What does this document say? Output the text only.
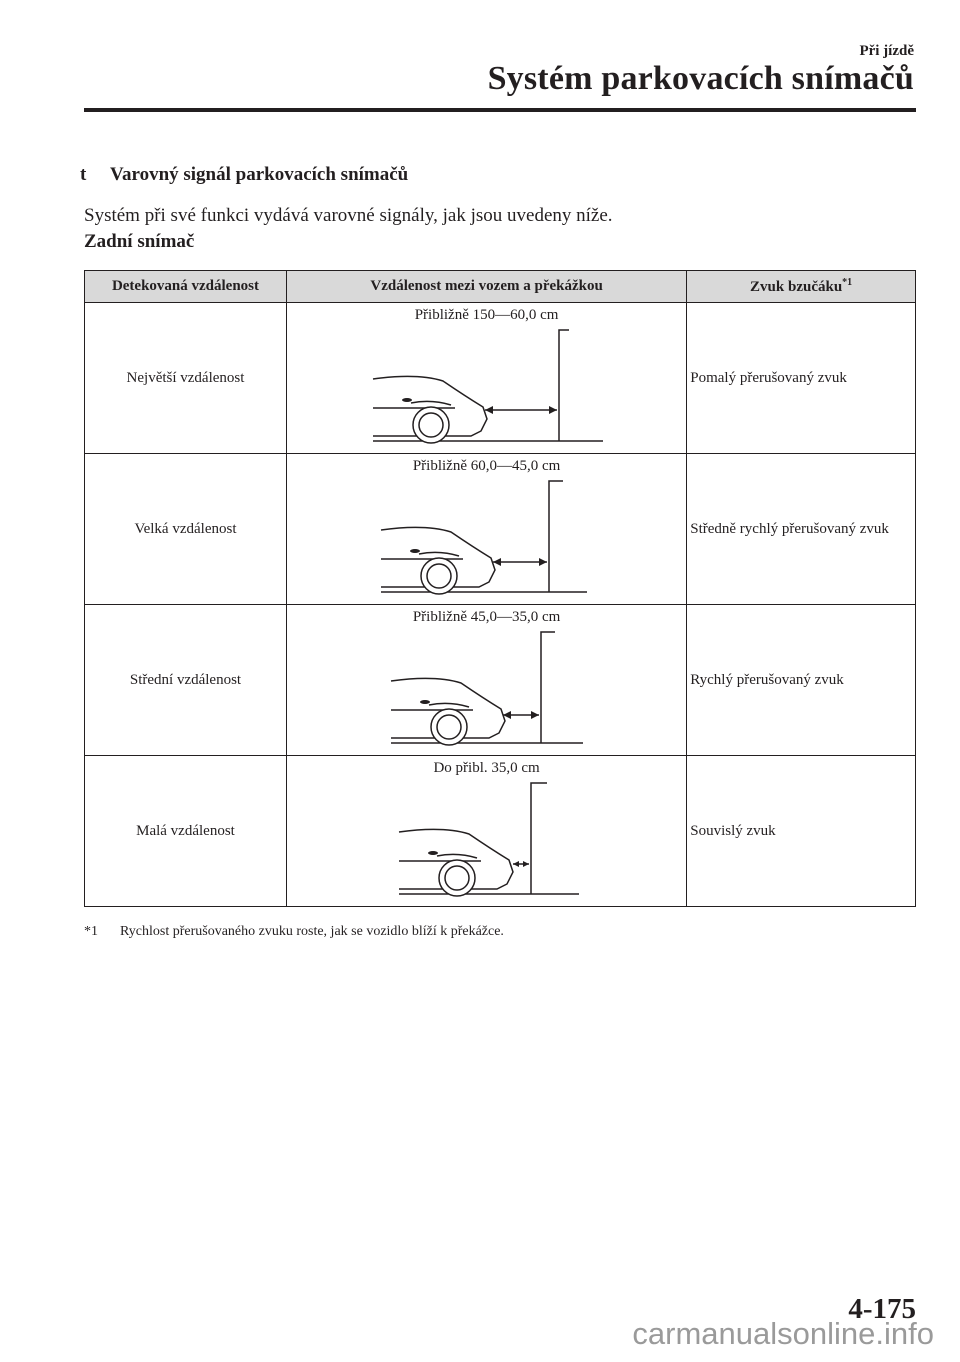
Při jízdě
Systém parkovacích snímačů
t Varovný signál parkovacích snímačů
Systém při své funkci vydává varovné signály, jak jsou uvedeny níže.
Zadní snímač
Detekovaná vzdálenost	Vzdálenost mezi vozem a překážkou	Zvuk bzučáku$^{*1}$
Největší vzdálenost	Přibližně 150—60,0 cm	Pomalý přerušovaný zvuk
Velká vzdálenost	Přibližně 60,0—45,0 cm	Středně rychlý přerušovaný zvuk
Střední vzdálenost	Přibližně 45,0—35,0 cm	Rychlý přerušovaný zvuk
Malá vzdálenost	Do přibl. 35,0 cm	Souvislý zvuk
*1 Rychlost přerušovaného zvuku roste, jak se vozidlo blíží k překážce.
4-175
carmanualsonline.info
